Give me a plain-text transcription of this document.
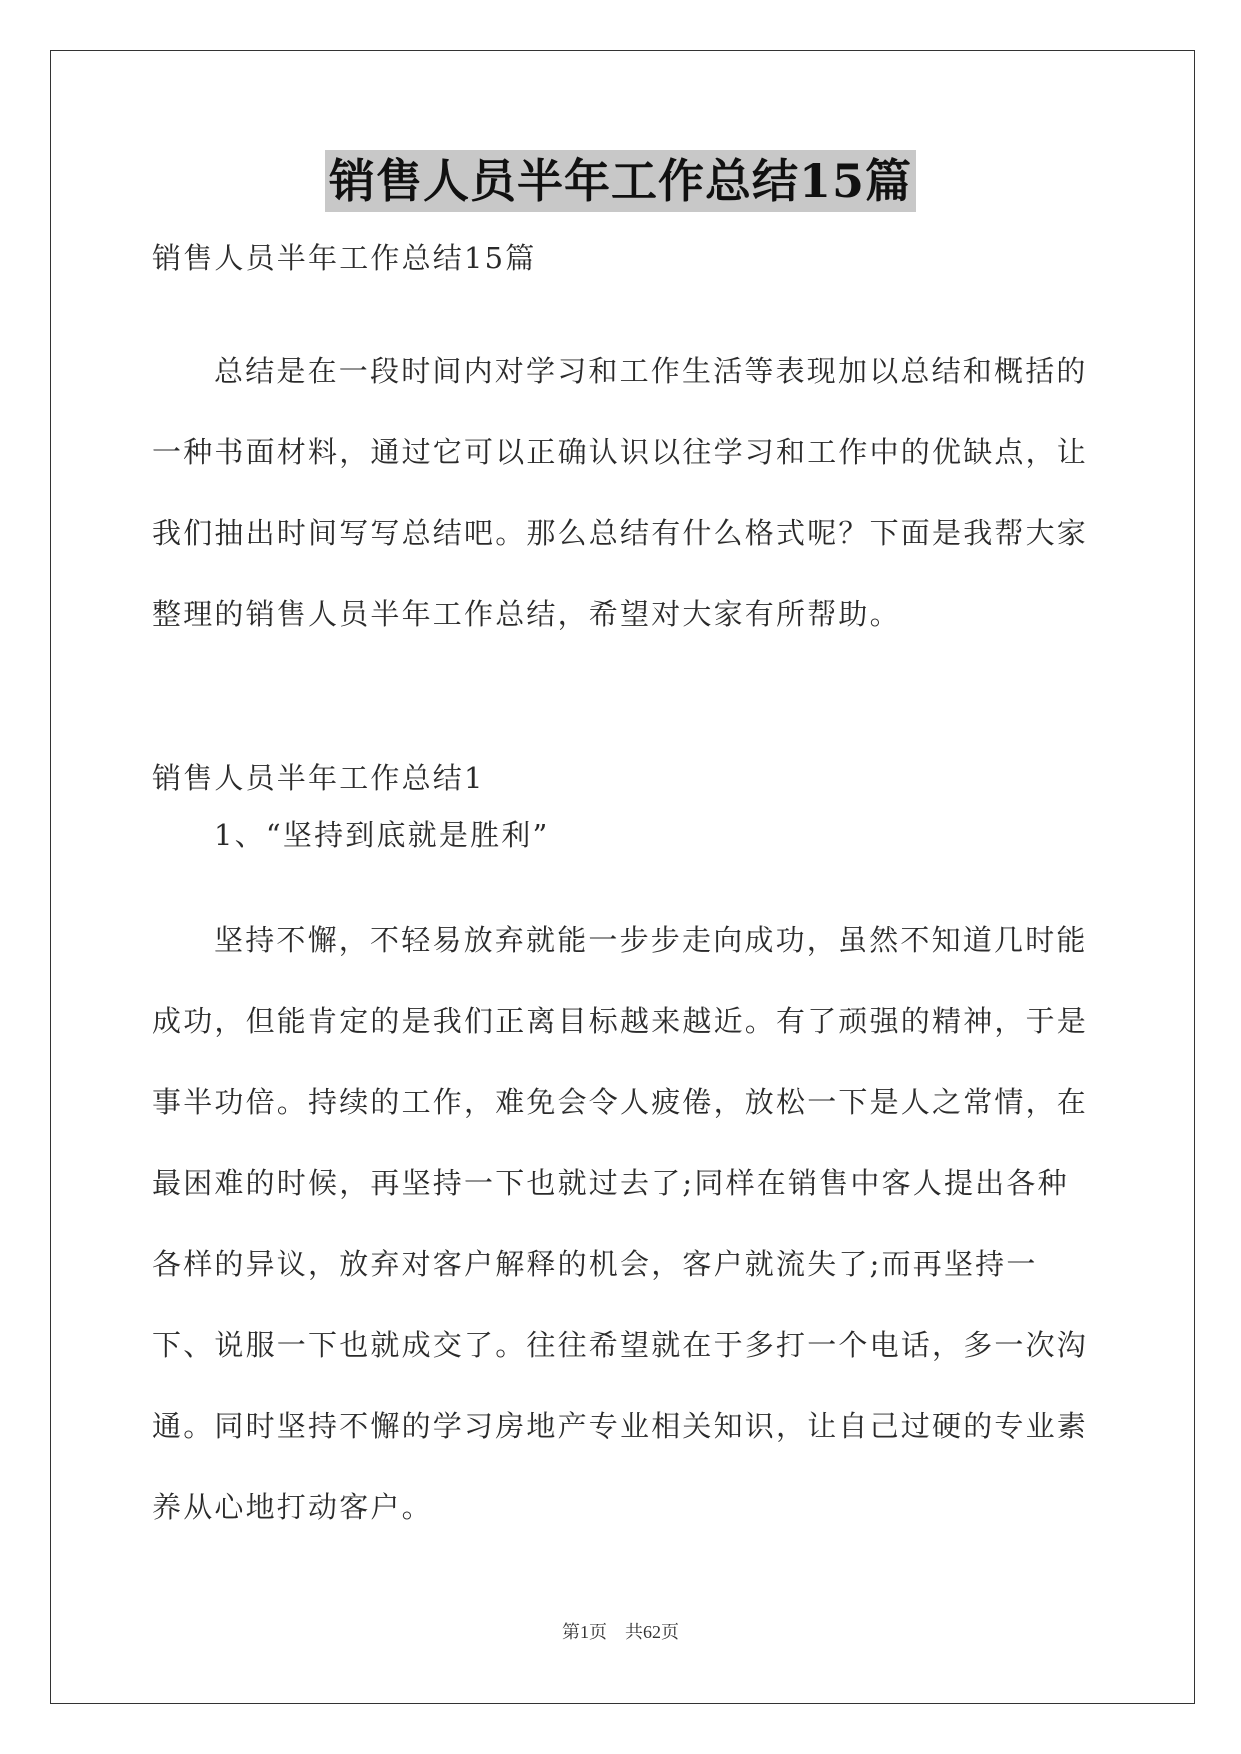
销售人员半年工作总结15篇
销售人员半年工作总结15篇
总结是在一段时间内对学习和工作生活等表现加以总结和概括的一种书面材料，通过它可以正确认识以往学习和工作中的优缺点，让我们抽出时间写写总结吧。那么总结有什么格式呢？下面是我帮大家整理的销售人员半年工作总结，希望对大家有所帮助。
销售人员半年工作总结1
1、“坚持到底就是胜利”
坚持不懈，不轻易放弃就能一步步走向成功，虽然不知道几时能成功，但能肯定的是我们正离目标越来越近。有了顽强的精神，于是事半功倍。持续的工作，难免会令人疲倦，放松一下是人之常情，在最困难的时候，再坚持一下也就过去了;同样在销售中客人提出各种各样的异议，放弃对客户解释的机会，客户就流失了;而再坚持一下、说服一下也就成交了。往往希望就在于多打一个电话，多一次沟通。同时坚持不懈的学习房地产专业相关知识，让自己过硬的专业素养从心地打动客户。
第1页 共62页
